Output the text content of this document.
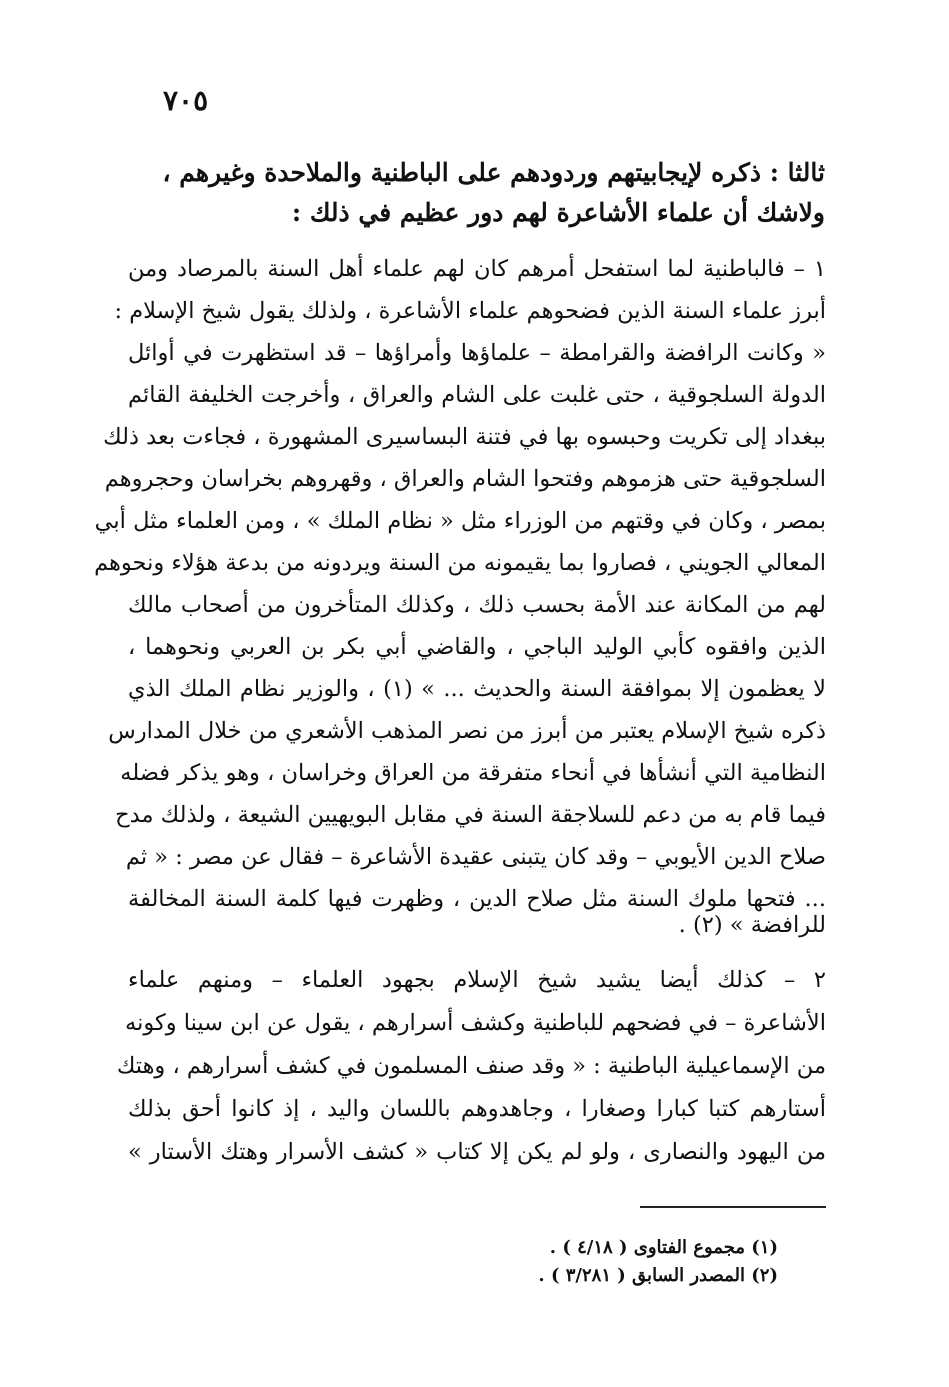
٧٠٥
ثالثا : ذكره لإيجابيتهم وردودهم على الباطنية والملاحدة وغيرهم ،
ولاشك أن علماء الأشاعرة لهم دور عظيم في ذلك :
١ – فالباطنية لما استفحل أمرهم كان لهم علماء أهل السنة بالمرصاد ومن
أبرز علماء السنة الذين فضحوهم علماء الأشاعرة ، ولذلك يقول شيخ الإسلام :
« وكانت الرافضة والقرامطة – علماؤها وأمراؤها – قد استظهرت في أوائل
الدولة السلجوقية ، حتى غلبت على الشام والعراق ، وأخرجت الخليفة القائم
ببغداد إلى تكريت وحبسوه بها في فتنة البساسيرى المشهورة ، فجاءت بعد ذلك
السلجوقية حتى هزموهم وفتحوا الشام والعراق ، وقهروهم بخراسان وحجروهم
بمصر ، وكان في وقتهم من الوزراء مثل « نظام الملك » ، ومن العلماء مثل أبي
المعالي الجويني ، فصاروا بما يقيمونه من السنة ويردونه من بدعة هؤلاء ونحوهم
لهم من المكانة عند الأمة بحسب ذلك ، وكذلك المتأخرون من أصحاب مالك
الذين وافقوه كأبي الوليد الباجي ، والقاضي أبي بكر بن العربي ونحوهما ،
لا يعظمون إلا بموافقة السنة والحديث ... » (١) ، والوزير نظام الملك الذي
ذكره شيخ الإسلام يعتبر من أبرز من نصر المذهب الأشعري من خلال المدارس
النظامية التي أنشأها في أنحاء متفرقة من العراق وخراسان ، وهو يذكر فضله
فيما قام به من دعم للسلاجقة السنة في مقابل البويهيين الشيعة ، ولذلك مدح
صلاح الدين الأيوبي – وقد كان يتبنى عقيدة الأشاعرة – فقال عن مصر : « ثم
... فتحها ملوك السنة مثل صلاح الدين ، وظهرت فيها كلمة السنة المخالفة
للرافضة » (٢) .
٢ – كذلك أيضا يشيد شيخ الإسلام بجهود العلماء – ومنهم علماء
الأشاعرة – في فضحهم للباطنية وكشف أسرارهم ، يقول عن ابن سينا وكونه
من الإسماعيلية الباطنية : « وقد صنف المسلمون في كشف أسرارهم ، وهتك
أستارهم كتبا كبارا وصغارا ، وجاهدوهم باللسان واليد ، إذ كانوا أحق بذلك
من اليهود والنصارى ، ولو لم يكن إلا كتاب « كشف الأسرار وهتك الأستار »
(١) مجموع الفتاوى ( ٤/١٨ ) .
(٢) المصدر السابق ( ٣/٢٨١ ) .
